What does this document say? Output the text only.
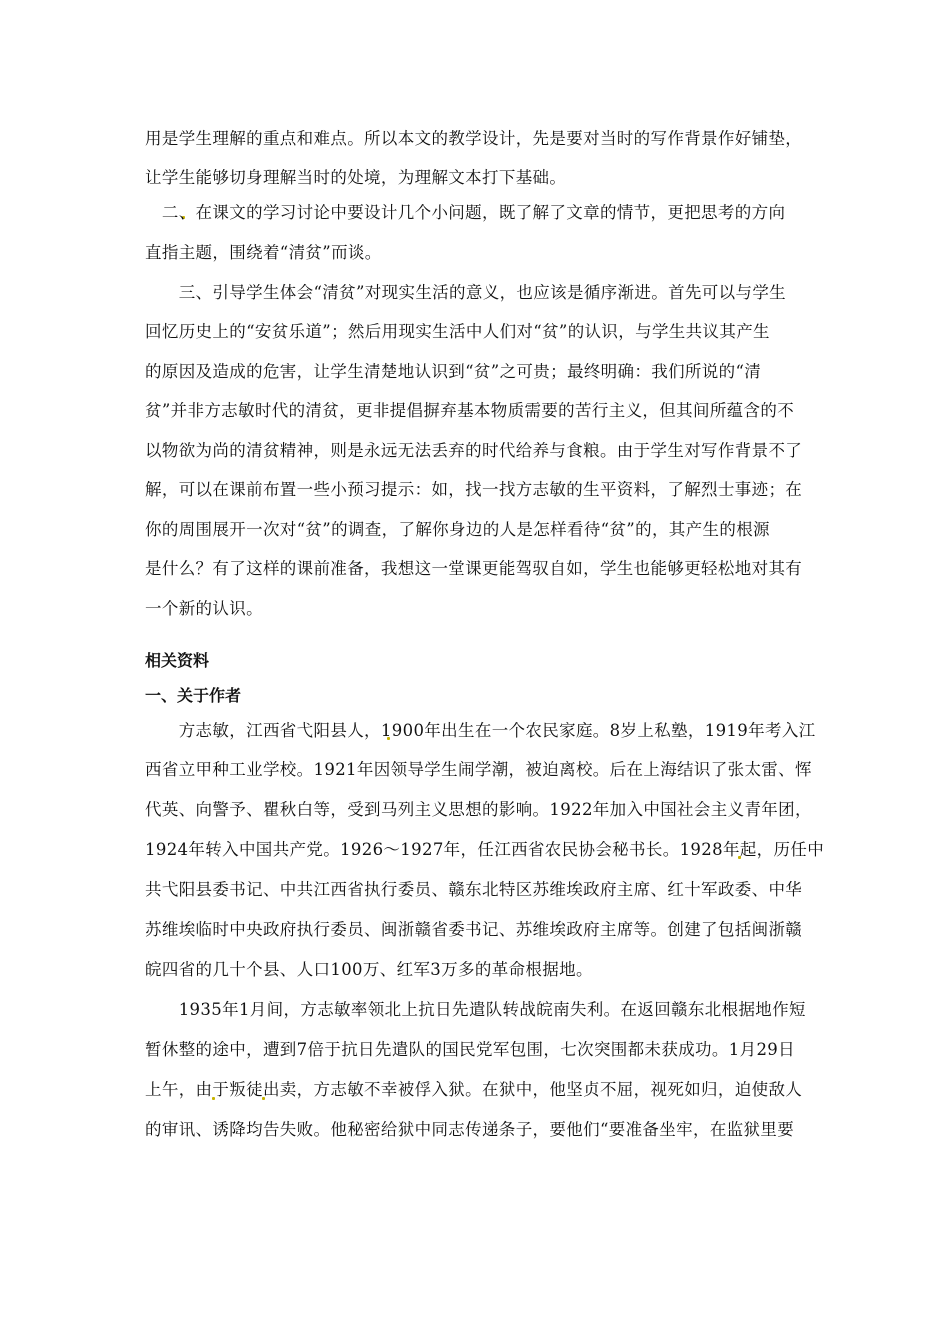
用是学生理解的重点和难点。所以本文的教学设计，先是要对当时的写作背景作好铺垫，
让学生能够切身理解当时的处境，为理解文本打下基础。
　二、在课文的学习讨论中要设计几个小问题，既了解了文章的情节，更把思考的方向
直指主题，围绕着“清贫”而谈。
　　三、引导学生体会“清贫”对现实生活的意义，也应该是循序渐进。首先可以与学生
回忆历史上的“安贫乐道”；然后用现实生活中人们对“贫”的认识，与学生共议其产生
的原因及造成的危害，让学生清楚地认识到“贫”之可贵；最终明确：我们所说的“清
贫”并非方志敏时代的清贫，更非提倡摒弃基本物质需要的苦行主义，但其间所蕴含的不
以物欲为尚的清贫精神，则是永远无法丢弃的时代给养与食粮。由于学生对写作背景不了
解，可以在课前布置一些小预习提示：如，找一找方志敏的生平资料，了解烈士事迹；在
你的周围展开一次对“贫”的调查，了解你身边的人是怎样看待“贫”的，其产生的根源
是什么？有了这样的课前准备，我想这一堂课更能驾驭自如，学生也能够更轻松地对其有
一个新的认识。
相关资料
一、关于作者
　　方志敏，江西省弋阳县人，1900年出生在一个农民家庭。8岁上私塾，1919年考入江
西省立甲种工业学校。1921年因领导学生闹学潮，被迫离校。后在上海结识了张太雷、恽
代英、向警予、瞿秋白等，受到马列主义思想的影响。1922年加入中国社会主义青年团，
1924年转入中国共产党。1926～1927年，任江西省农民协会秘书长。1928年起，历任中
共弋阳县委书记、中共江西省执行委员、赣东北特区苏维埃政府主席、红十军政委、中华
苏维埃临时中央政府执行委员、闽浙赣省委书记、苏维埃政府主席等。创建了包括闽浙赣
皖四省的几十个县、人口100万、红军3万多的革命根据地。
　　1935年1月间，方志敏率领北上抗日先遣队转战皖南失利。在返回赣东北根据地作短
暂休整的途中，遭到7倍于抗日先遣队的国民党军包围，七次突围都未获成功。1月29日
上午，由于叛徒出卖，方志敏不幸被俘入狱。在狱中，他坚贞不屈，视死如归，迫使敌人
的审讯、诱降均告失败。他秘密给狱中同志传递条子，要他们“要准备坐牢，在监狱里要
